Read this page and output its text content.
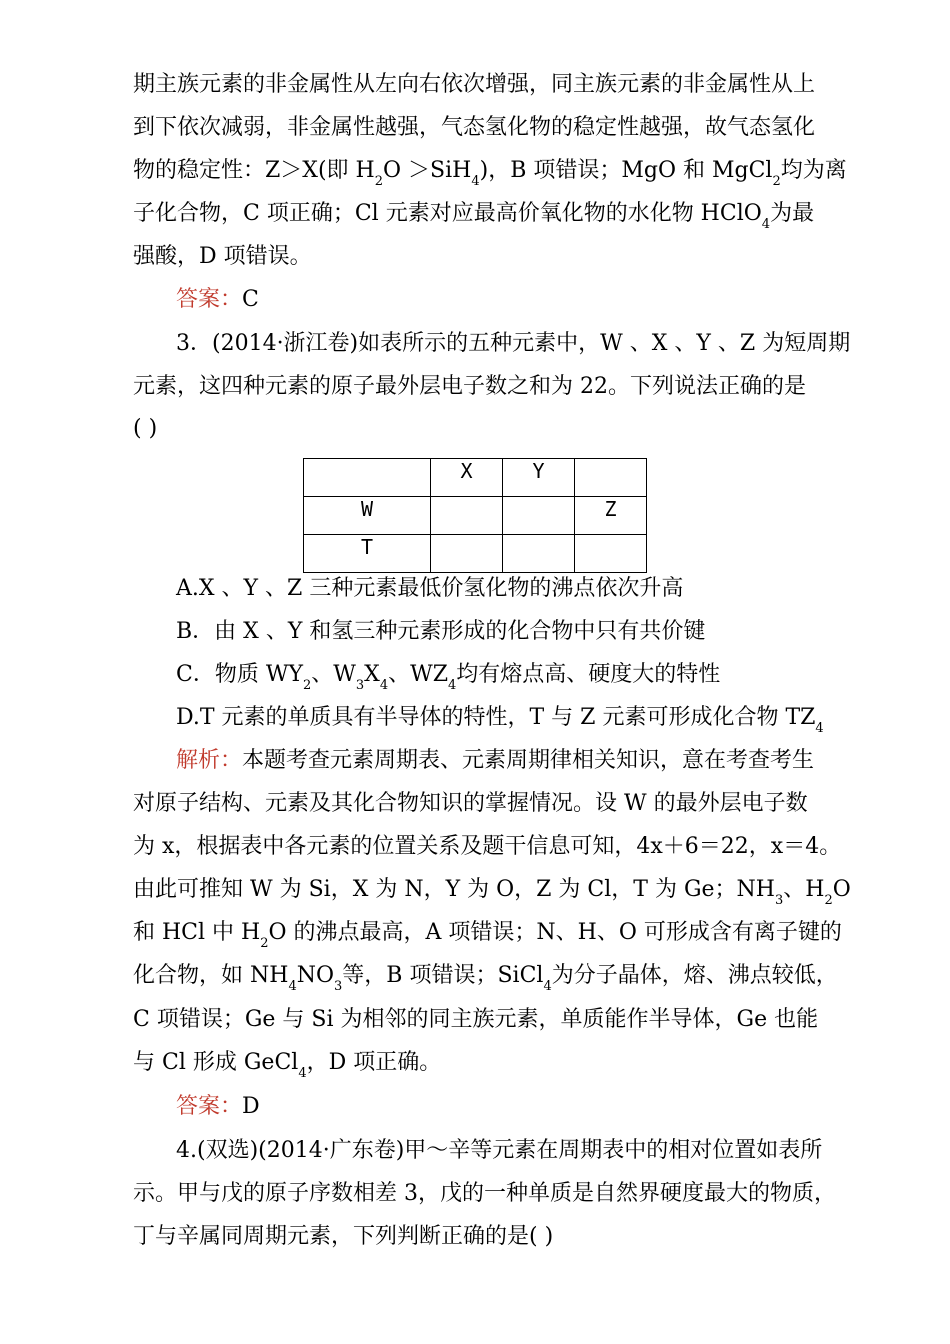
期主族元素的非金属性从左向右依次增强，同主族元素的非金属性从上
到下依次减弱，非金属性越强，气态氢化物的稳定性越强，故气态氢化
物的稳定性：Z＞X(即 $H_2O >SiH_4$)，B 项错误；MgO 和 MgCl$_2$均为离
子化合物，C 项正确；Cl 元素对应最高价氧化物的水化物 HClO$_4$为最
强酸，D 项错误。
答案：C
3．(2014·浙江卷)如表所示的五种元素中，W 、X 、Y 、Z 为短周期
元素，这四种元素的原子最外层电子数之和为 22。下列说法正确的是
( )
	X	Y	
W			Z
T			
A.X 、Y 、Z 三种元素最低价氢化物的沸点依次升高
B．由 X 、Y 和氢三种元素形成的化合物中只有共价键
C．物质 $WY_2$、$W_3X_4$、$WZ_4$均有熔点高、硬度大的特性
D.T 元素的单质具有半导体的特性，T 与 Z 元素可形成化合物 $TZ_4$
解析：本题考查元素周期表、元素周期律相关知识，意在考查考生
对原子结构、元素及其化合物知识的掌握情况。设 W 的最外层电子数
为 x，根据表中各元素的位置关系及题干信息可知，4x＋6＝22，x＝4。
由此可推知 W 为 Si，X 为 N，Y 为 O，Z 为 Cl，T 为 Ge；$NH_3$、$H_2O$
和 HCl 中 $H_2O$ 的沸点最高，A 项错误；N、H、O 可形成含有离子键的
化合物，如 $NH_4NO_3$等，B 项错误；SiCl$_4$为分子晶体，熔、沸点较低，
C 项错误；Ge 与 Si 为相邻的同主族元素，单质能作半导体，Ge 也能
与 Cl 形成 GeCl$_4$，D 项正确。
答案：D
4.(双选)(2014·广东卷)甲～辛等元素在周期表中的相对位置如表所
示。甲与戊的原子序数相差 3，戊的一种单质是自然界硬度最大的物质，
丁与辛属同周期元素，下列判断正确的是( )
